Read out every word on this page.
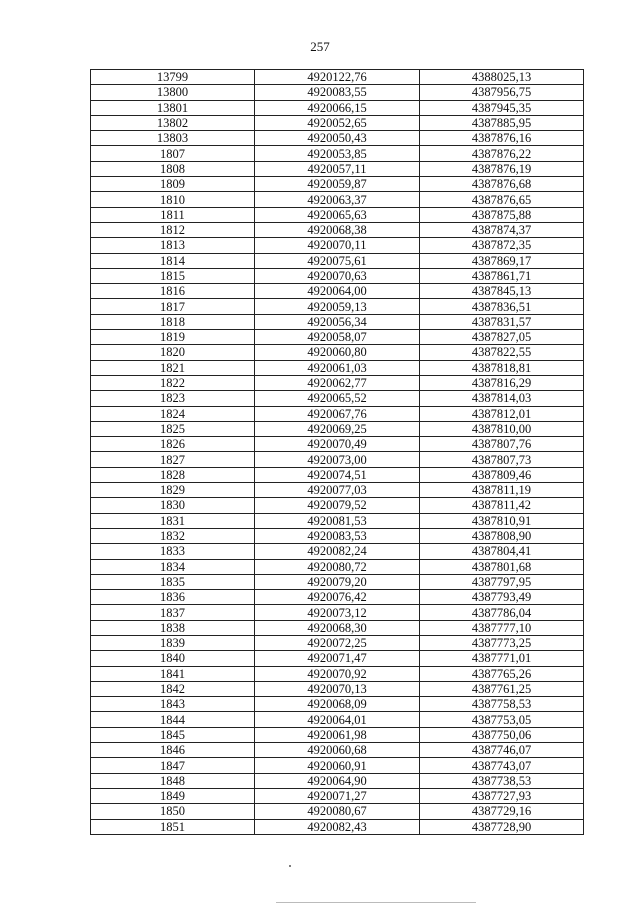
257
13799	4920122,76	4388025,13
13800	4920083,55	4387956,75
13801	4920066,15	4387945,35
13802	4920052,65	4387885,95
13803	4920050,43	4387876,16
1807	4920053,85	4387876,22
1808	4920057,11	4387876,19
1809	4920059,87	4387876,68
1810	4920063,37	4387876,65
1811	4920065,63	4387875,88
1812	4920068,38	4387874,37
1813	4920070,11	4387872,35
1814	4920075,61	4387869,17
1815	4920070,63	4387861,71
1816	4920064,00	4387845,13
1817	4920059,13	4387836,51
1818	4920056,34	4387831,57
1819	4920058,07	4387827,05
1820	4920060,80	4387822,55
1821	4920061,03	4387818,81
1822	4920062,77	4387816,29
1823	4920065,52	4387814,03
1824	4920067,76	4387812,01
1825	4920069,25	4387810,00
1826	4920070,49	4387807,76
1827	4920073,00	4387807,73
1828	4920074,51	4387809,46
1829	4920077,03	4387811,19
1830	4920079,52	4387811,42
1831	4920081,53	4387810,91
1832	4920083,53	4387808,90
1833	4920082,24	4387804,41
1834	4920080,72	4387801,68
1835	4920079,20	4387797,95
1836	4920076,42	4387793,49
1837	4920073,12	4387786,04
1838	4920068,30	4387777,10
1839	4920072,25	4387773,25
1840	4920071,47	4387771,01
1841	4920070,92	4387765,26
1842	4920070,13	4387761,25
1843	4920068,09	4387758,53
1844	4920064,01	4387753,05
1845	4920061,98	4387750,06
1846	4920060,68	4387746,07
1847	4920060,91	4387743,07
1848	4920064,90	4387738,53
1849	4920071,27	4387727,93
1850	4920080,67	4387729,16
1851	4920082,43	4387728,90
